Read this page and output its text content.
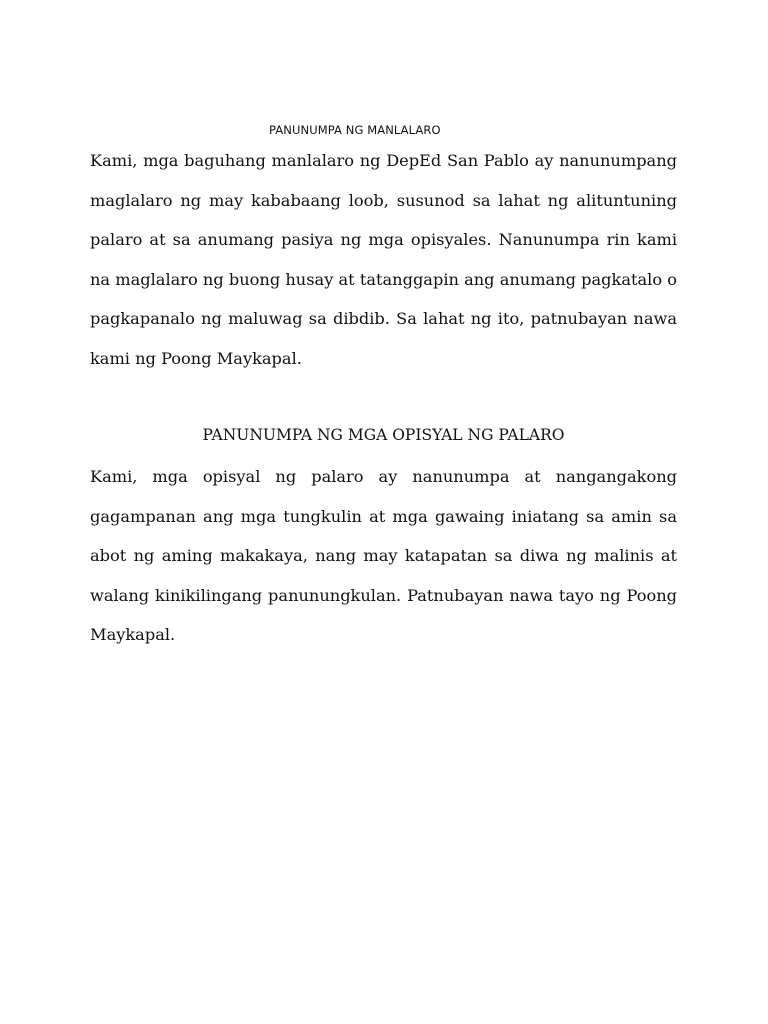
PANUNUMPA NG MANLALARO

Kami, mga baguhang manlalaro ng DepEd San Pablo ay nanunumpang maglalaro ng may kababaang loob, susunod sa lahat ng alituntuning palaro at sa anumang pasiya ng mga opisyales. Nanunumpa rin kami na maglalaro ng buong husay at tatanggapin ang anumang pagkatalo o pagkapanalo ng maluwag sa dibdib. Sa lahat ng ito, patnubayan nawa kami ng Poong Maykapal.

PANUNUMPA NG MGA OPISYAL NG PALARO

Kami, mga opisyal ng palaro ay nanunumpa at nangangakong gagampanan ang mga tungkulin at mga gawaing iniatang sa amin sa abot ng aming makakaya, nang may katapatan sa diwa ng malinis at walang kinikilingang panunungkulan. Patnubayan nawa tayo ng Poong Maykapal.
